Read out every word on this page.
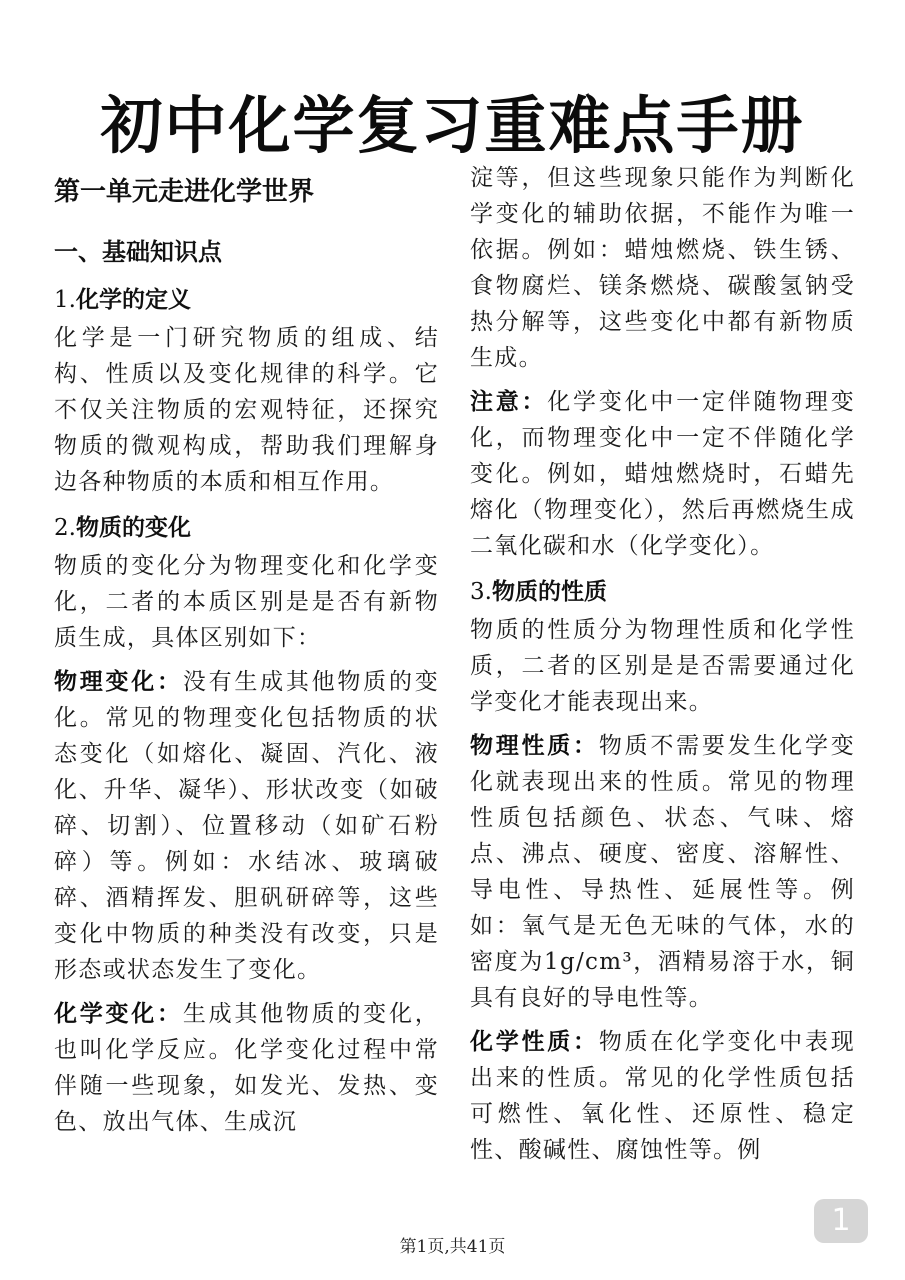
初中化学复习重难点手册
第一单元走进化学世界
一、基础知识点
1.化学的定义

化学是一门研究物质的组成、结构、性质以及变化规律的科学。它不仅关注物质的宏观特征，还探究物质的微观构成，帮助我们理解身边各种物质的本质和相互作用。

2.物质的变化

物质的变化分为物理变化和化学变化，二者的本质区别是是否有新物质生成，具体区别如下：

物理变化：没有生成其他物质的变化。常见的物理变化包括物质的状态变化（如熔化、凝固、汽化、液化、升华、凝华）、形状改变（如破碎、切割）、位置移动（如矿石粉碎）等。例如：水结冰、玻璃破碎、酒精挥发、胆矾研碎等，这些变化中物质的种类没有改变，只是形态或状态发生了变化。

化学变化：生成其他物质的变化，也叫化学反应。化学变化过程中常伴随一些现象，如发光、发热、变色、放出气体、生成沉

淀等，但这些现象只能作为判断化学变化的辅助依据，不能作为唯一依据。例如：蜡烛燃烧、铁生锈、食物腐烂、镁条燃烧、碳酸氢钠受热分解等，这些变化中都有新物质生成。

注意：化学变化中一定伴随物理变化，而物理变化中一定不伴随化学变化。例如，蜡烛燃烧时，石蜡先熔化（物理变化），然后再燃烧生成二氧化碳和水（化学变化）。

3.物质的性质

物质的性质分为物理性质和化学性质，二者的区别是是否需要通过化学变化才能表现出来。

物理性质：物质不需要发生化学变化就表现出来的性质。常见的物理性质包括颜色、状态、气味、熔点、沸点、硬度、密度、溶解性、导电性、导热性、延展性等。例如：氧气是无色无味的气体，水的密度为1g/cm³，酒精易溶于水，铜具有良好的导电性等。

化学性质：物质在化学变化中表现出来的性质。常见的化学性质包括可燃性、氧化性、还原性、稳定性、酸碱性、腐蚀性等。例

1
第1页,共41页
